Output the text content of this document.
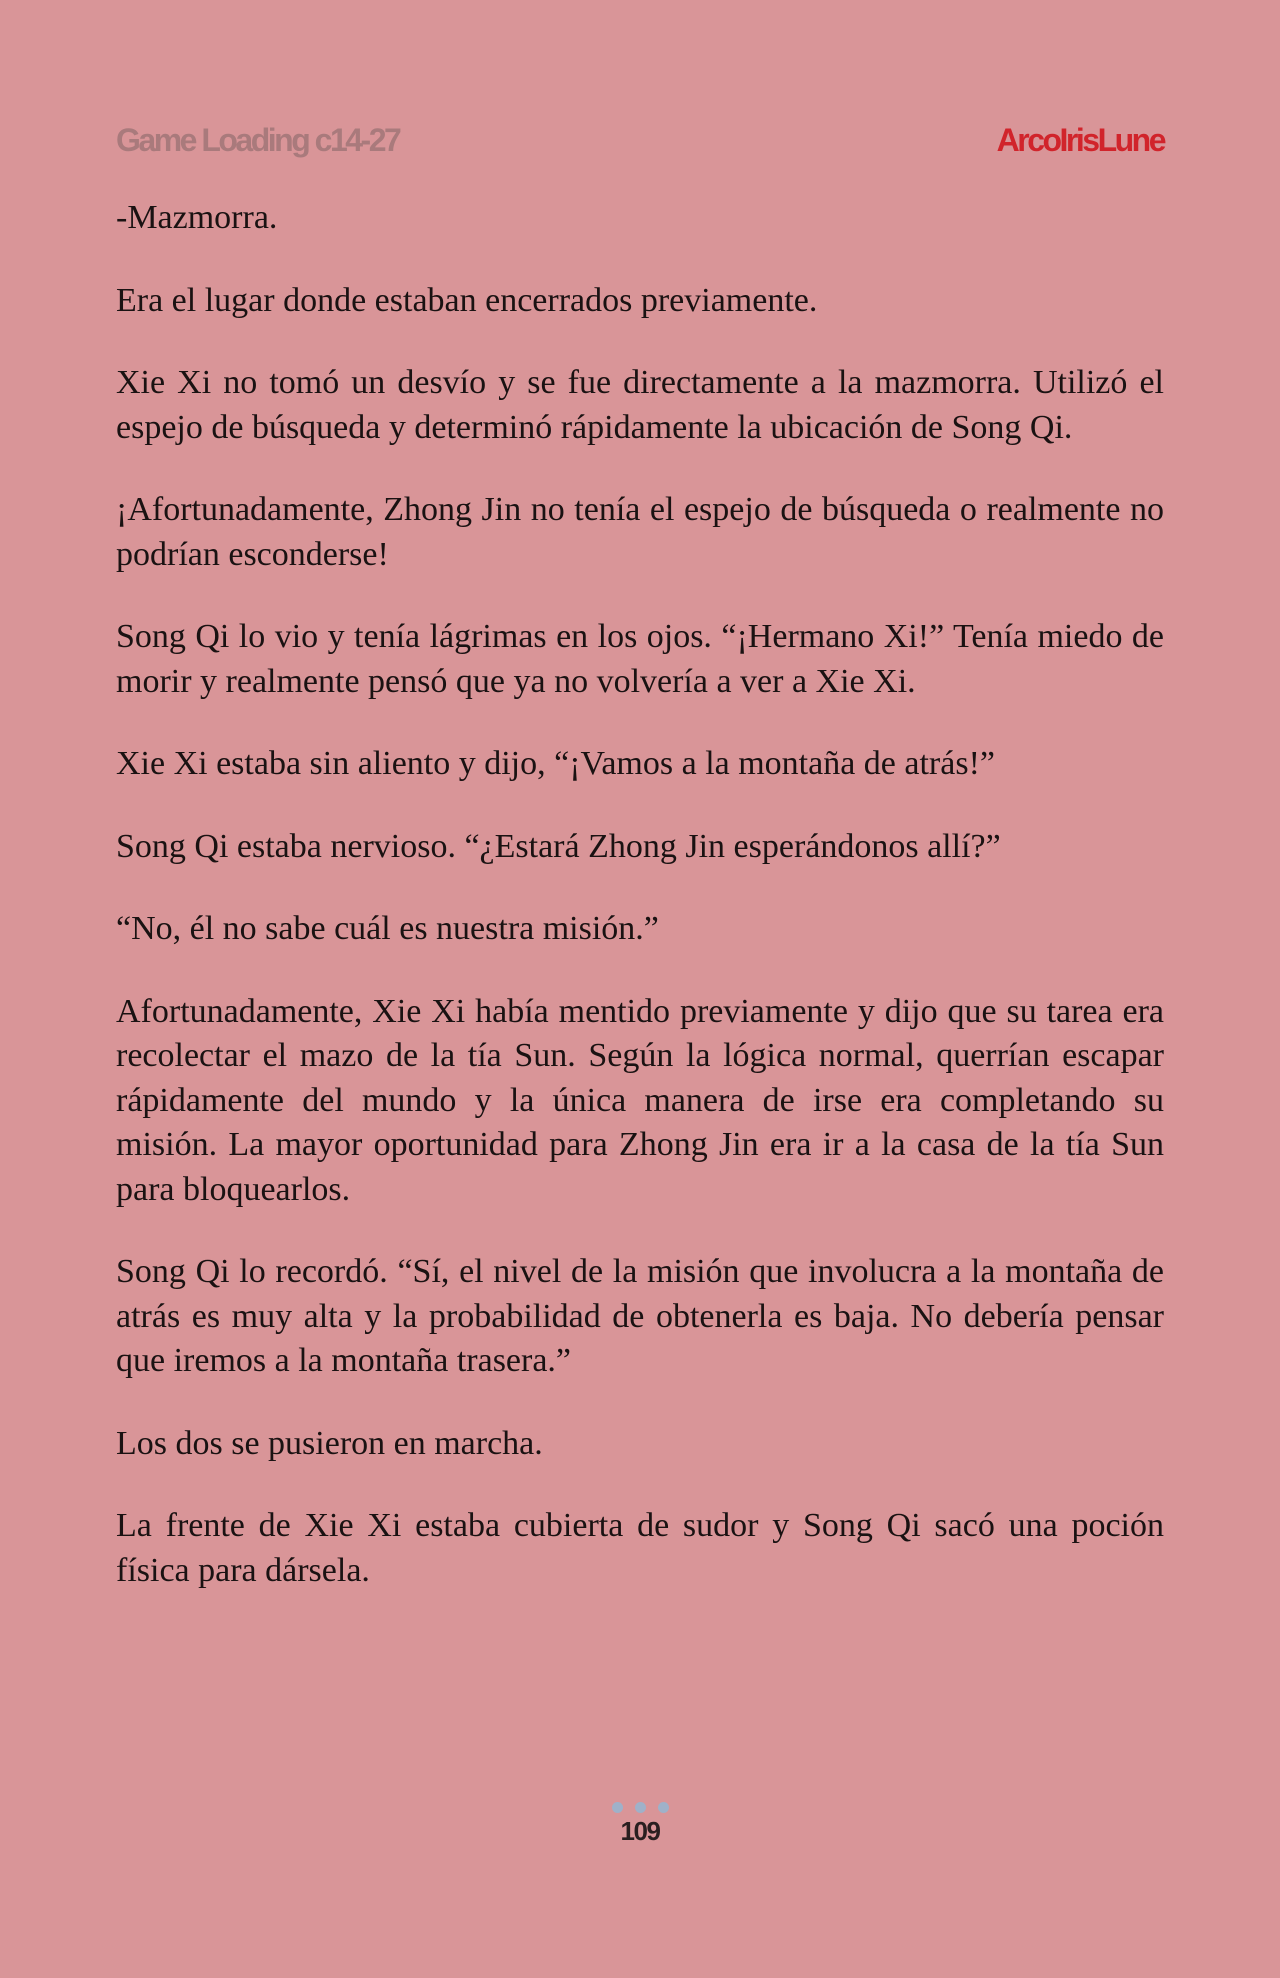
Game Loading c14-27	ArcoIrisLune

-Mazmorra.

Era el lugar donde estaban encerrados previamente.

Xie Xi no tomó un desvío y se fue directamente a la mazmorra. Utilizó el espejo de búsqueda y determinó rápidamente la ubicación de Song Qi.

¡Afortunadamente, Zhong Jin no tenía el espejo de búsqueda o realmente no podrían esconderse!

Song Qi lo vio y tenía lágrimas en los ojos. “¡Hermano Xi!” Tenía miedo de morir y realmente pensó que ya no volvería a ver a Xie Xi.

Xie Xi estaba sin aliento y dijo, “¡Vamos a la montaña de atrás!”

Song Qi estaba nervioso. “¿Estará Zhong Jin esperándonos allí?”

“No, él no sabe cuál es nuestra misión.”

Afortunadamente, Xie Xi había mentido previamente y dijo que su tarea era recolectar el mazo de la tía Sun. Según la lógica normal, querrían escapar rápidamente del mundo y la única manera de irse era completando su misión. La mayor oportunidad para Zhong Jin era ir a la casa de la tía Sun para bloquearlos.

Song Qi lo recordó. “Sí, el nivel de la misión que involucra a la montaña de atrás es muy alta y la probabilidad de obtenerla es baja. No debería pensar que iremos a la montaña trasera.”

Los dos se pusieron en marcha.

La frente de Xie Xi estaba cubierta de sudor y Song Qi sacó una poción física para dársela.

109
